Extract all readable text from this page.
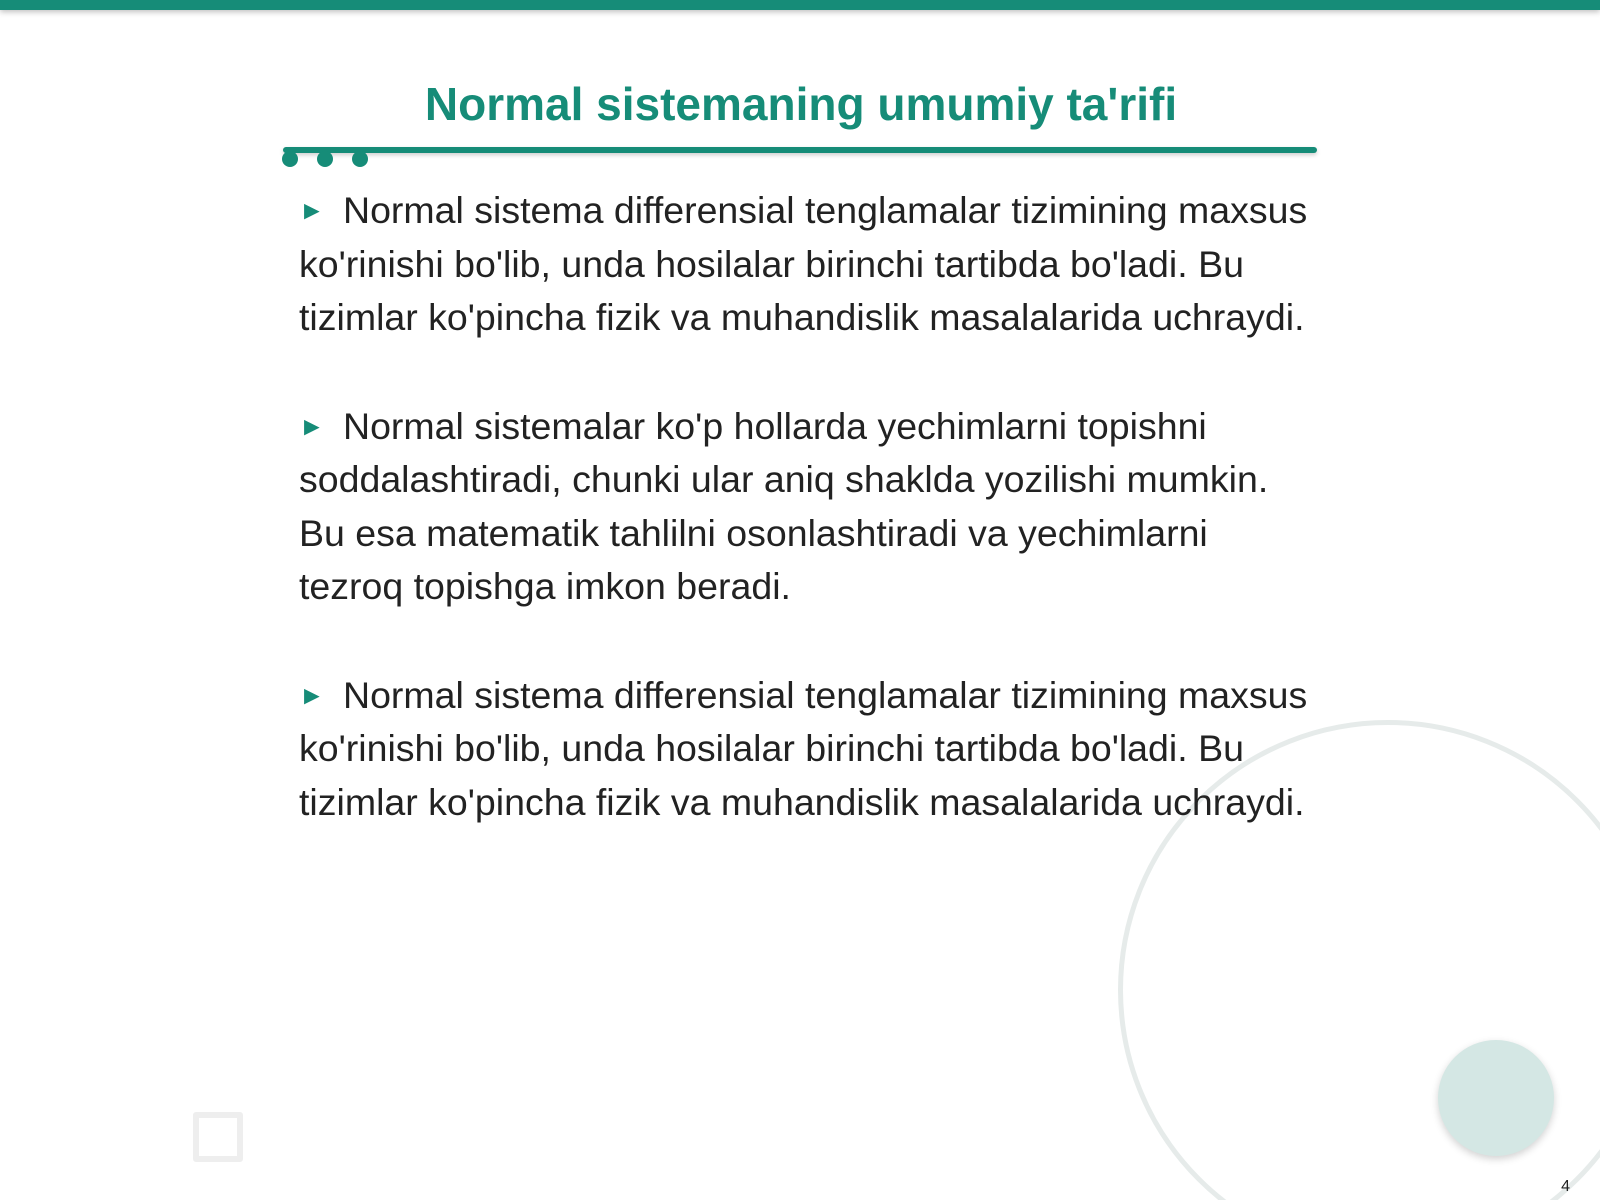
Normal sistemaning umumiy ta'rifi

► Normal sistema differensial tenglamalar tizimining maxsus ko'rinishi bo'lib, unda hosilalar birinchi tartibda bo'ladi. Bu tizimlar ko'pincha fizik va muhandislik masalalarida uchraydi.

► Normal sistemalar ko'p hollarda yechimlarni topishni soddalashtiradi, chunki ular aniq shaklda yozilishi mumkin. Bu esa matematik tahlilni osonlashtiradi va yechimlarni tezroq topishga imkon beradi.

► Normal sistema differensial tenglamalar tizimining maxsus ko'rinishi bo'lib, unda hosilalar birinchi tartibda bo'ladi. Bu tizimlar ko'pincha fizik va muhandislik masalalarida uchraydi.

4
